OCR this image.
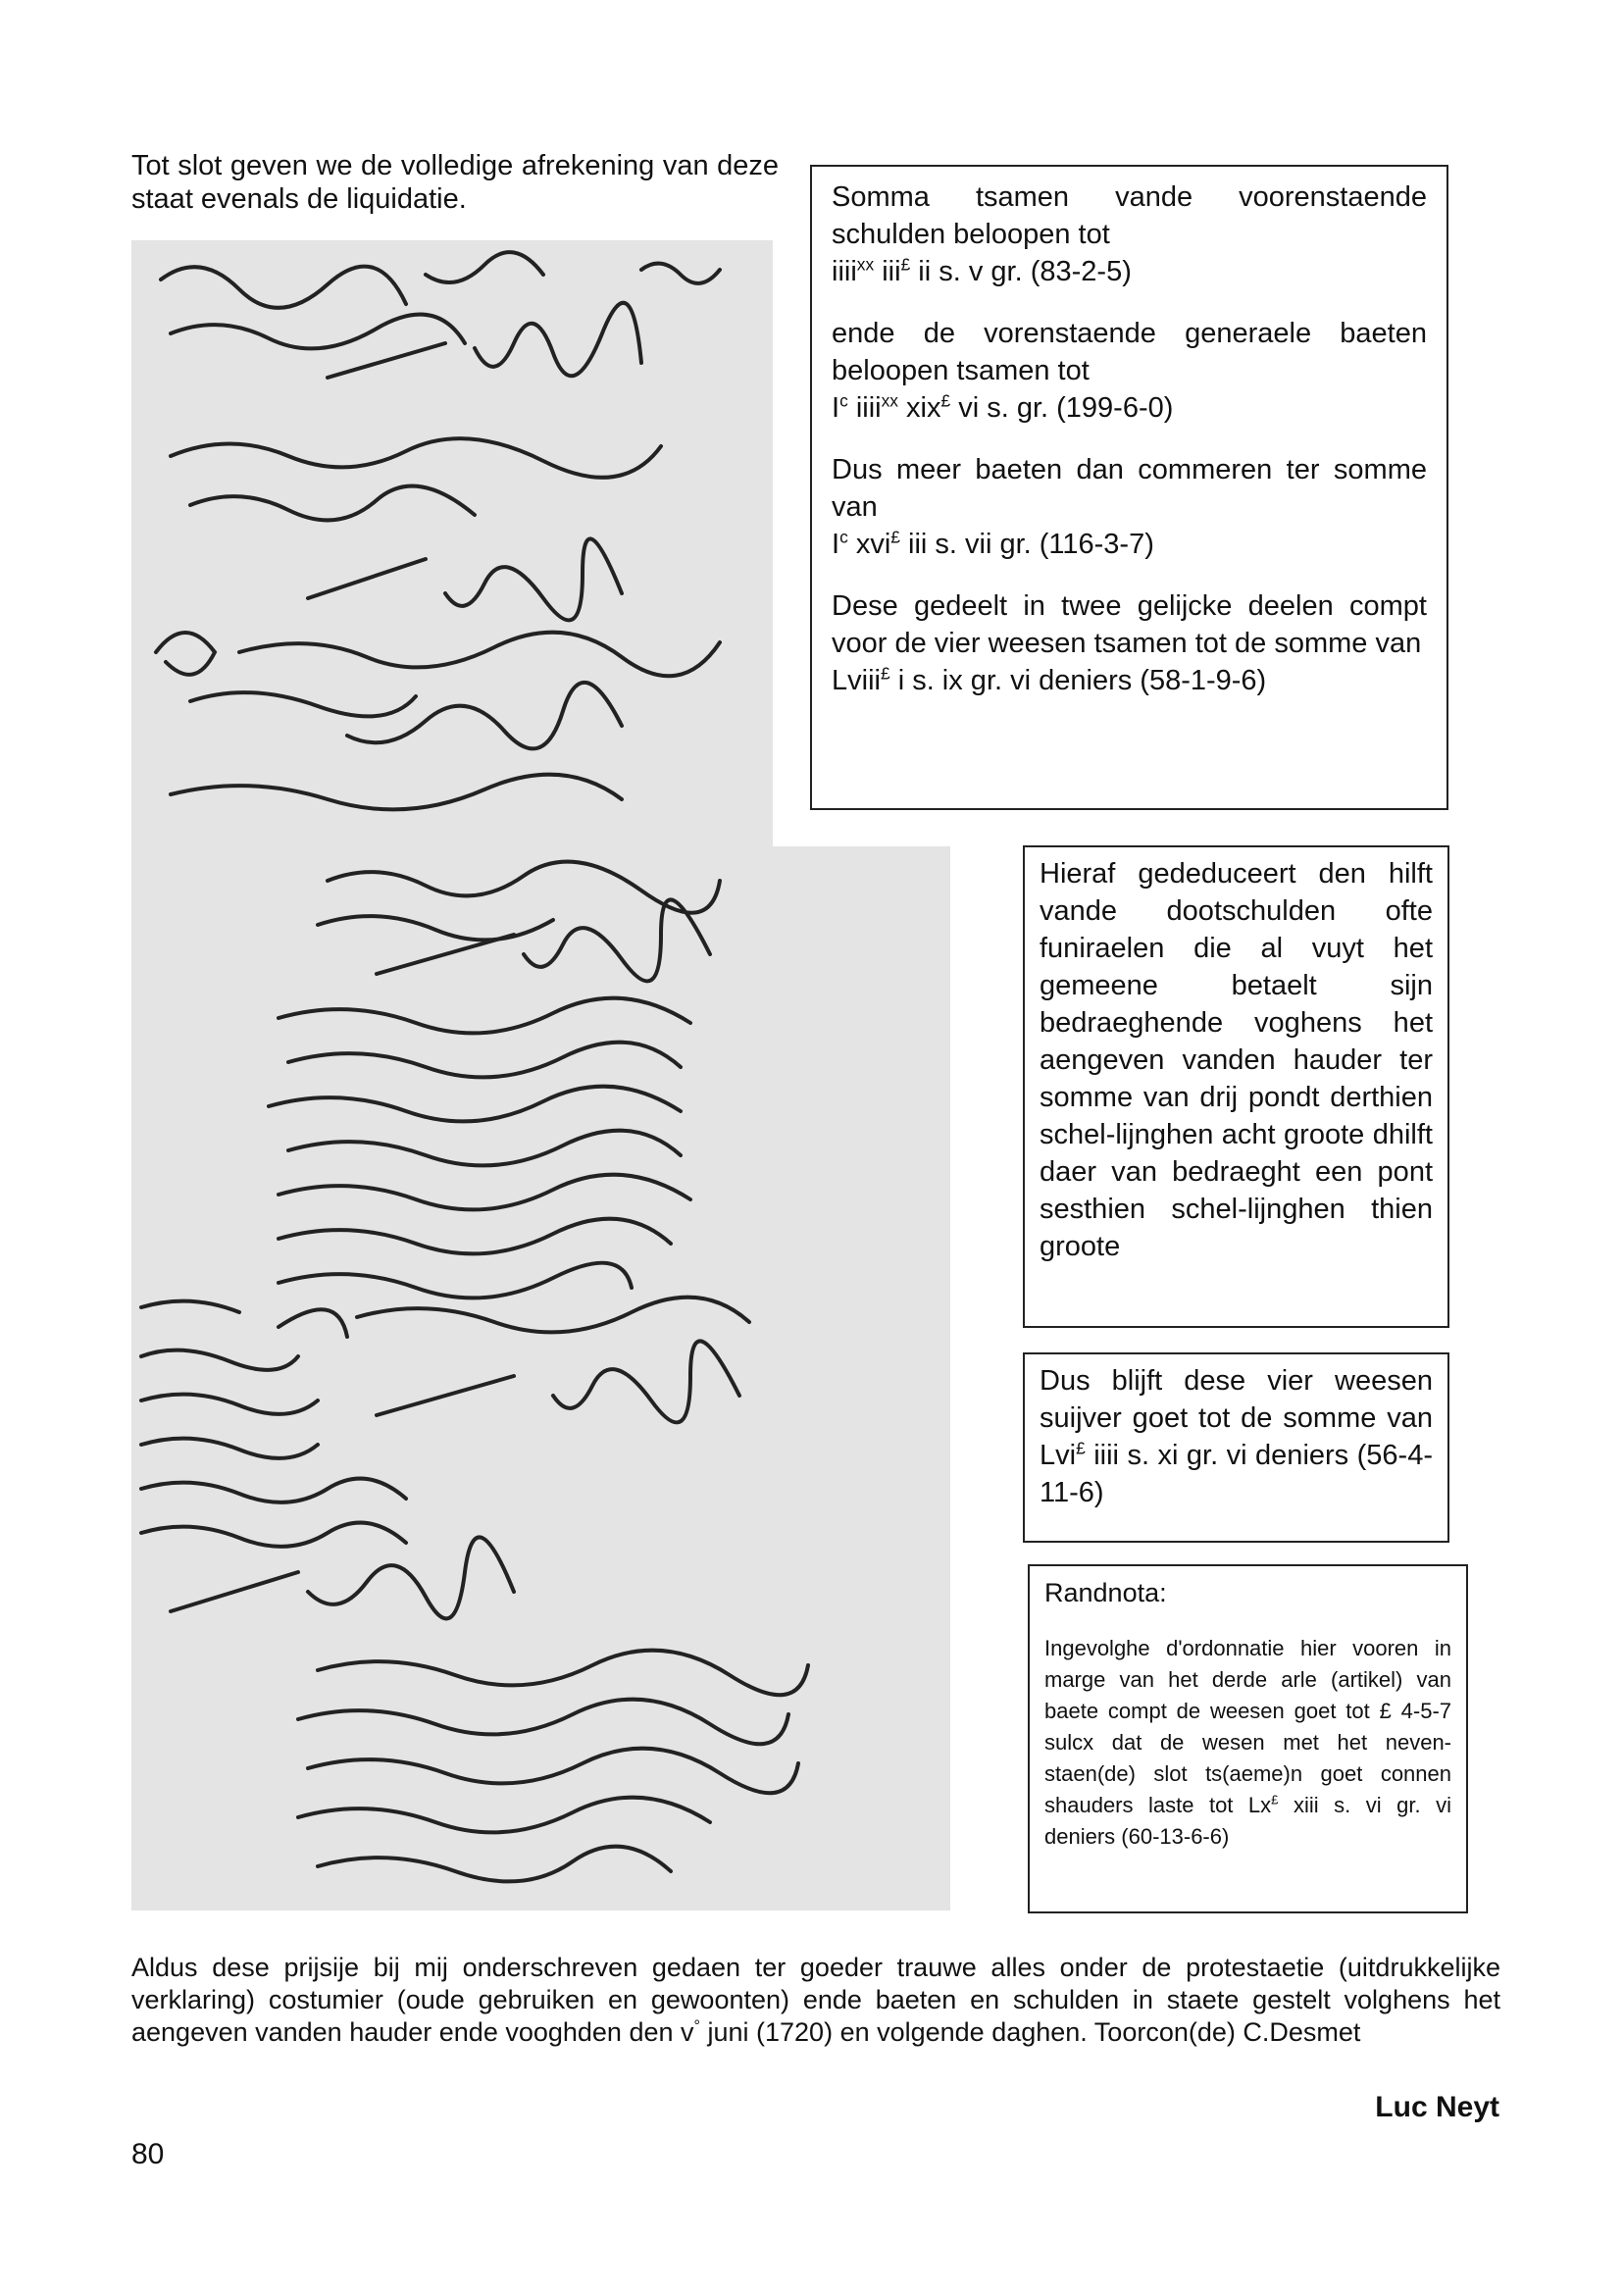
Tot slot geven we de volledige afrekening van deze staat evenals de liquidatie.	Somma tsamen vande voorenstaende schulden beloopen tot

iiii$^{xx}$ iii£ ii s. v gr. (83-2-5)

ende de vorenstaende generaele baeten beloopen tsamen tot

$I^c$ iiii$^{xx}$ xix£ vi s. gr. (199-6-0)

Dus meer baeten dan commeren ter somme van

$I^c$ xvi£ iii s. vii gr. (116-3-7)

Dese gedeelt in twee gelijcke deelen compt voor de vier weesen tsamen tot de somme van

Lviii£ i s. ix gr. vi deniers (58-1-9-6)

Hieraf gededuceert den hilft vande dootschulden ofte funiraelen die al vuyt het gemeene betaelt sijn bedraeghende voghens het aengeven vanden hauder ter somme van drij pondt derthien schel-lijnghen acht groote dhilft daer van bedraeght een pont sesthien schel-lijnghen thien groote

Dus blijft dese vier weesen suijver goet tot de somme van Lvi£ iiii s. xi gr. vi deniers (56-4-11-6)

Randnota:

Ingevolghe d'ordonnatie hier vooren in marge van het derde arle (artikel) van baete compt de weesen goet tot £ 4-5-7 sulcx dat de wesen met het neven-staen(de) slot ts(aeme)n goet connen shauders laste tot Lx£ xiii s. vi gr. vi deniers (60-13-6-6)

Aldus dese prijsije bij mij onderschreven gedaen ter goeder trauwe alles onder de protestaetie (uitdrukkelijke verklaring) costumier (oude gebruiken en gewoonten) ende baeten en schulden in staete gestelt volghens het aengeven vanden hauder ende vooghden den v° juni (1720) en volgende daghen. Toorcon(de) C.Desmet
Luc Neyt
80
